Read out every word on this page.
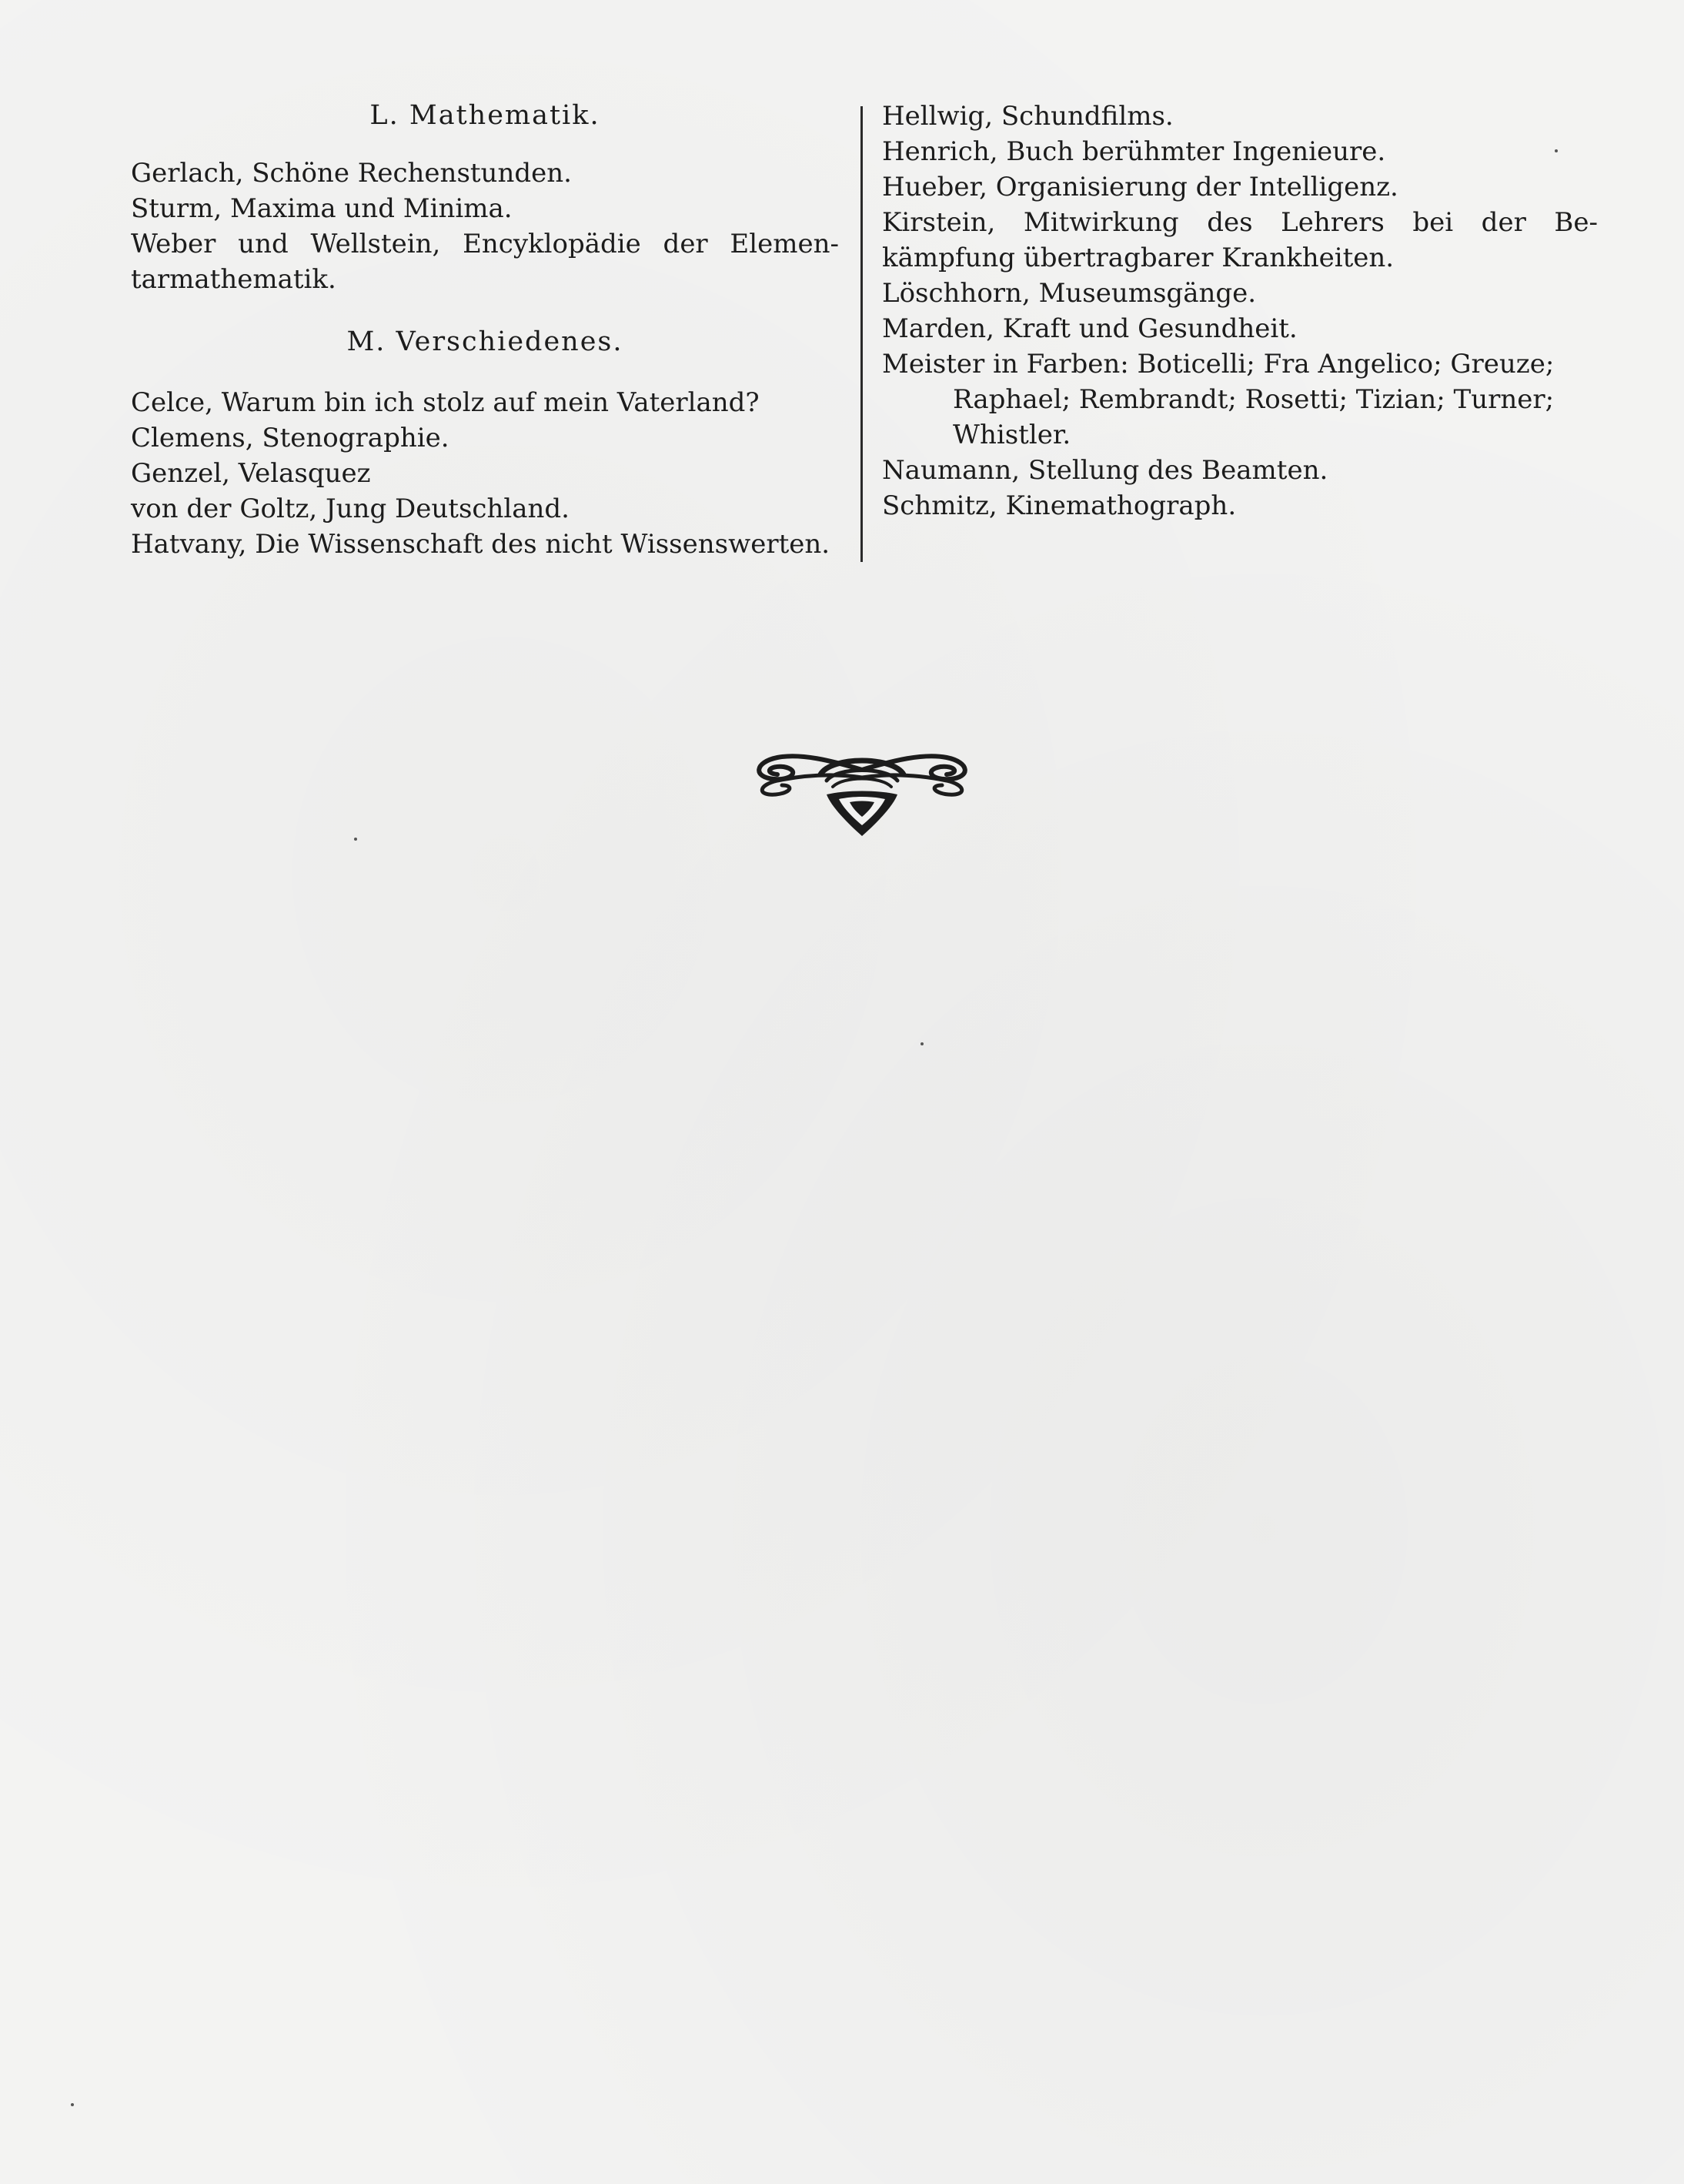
L. Mathematik.

Gerlach, Schöne Rechenstunden.

Sturm, Maxima und Minima.

Weber und Wellstein, Encyklopädie der Elemen-
tarmathematik.

M. Verschiedenes.

Celce, Warum bin ich stolz auf mein Vaterland?

Clemens, Stenographie.

Genzel, Velasquez

von der Goltz, Jung Deutschland.

Hatvany, Die Wissenschaft des nicht Wissenswerten.

Hellwig, Schundfilms.

Henrich, Buch berühmter Ingenieure.

Hueber, Organisierung der Intelligenz.

Kirstein, Mitwirkung des Lehrers bei der Be-
kämpfung übertragbarer Krankheiten.

Löschhorn, Museumsgänge.

Marden, Kraft und Gesundheit.

Meister in Farben: Boticelli; Fra Angelico; Greuze;
Raphael; Rembrandt; Rosetti; Tizian; Turner;
Whistler.

Naumann, Stellung des Beamten.

Schmitz, Kinemathograph.
